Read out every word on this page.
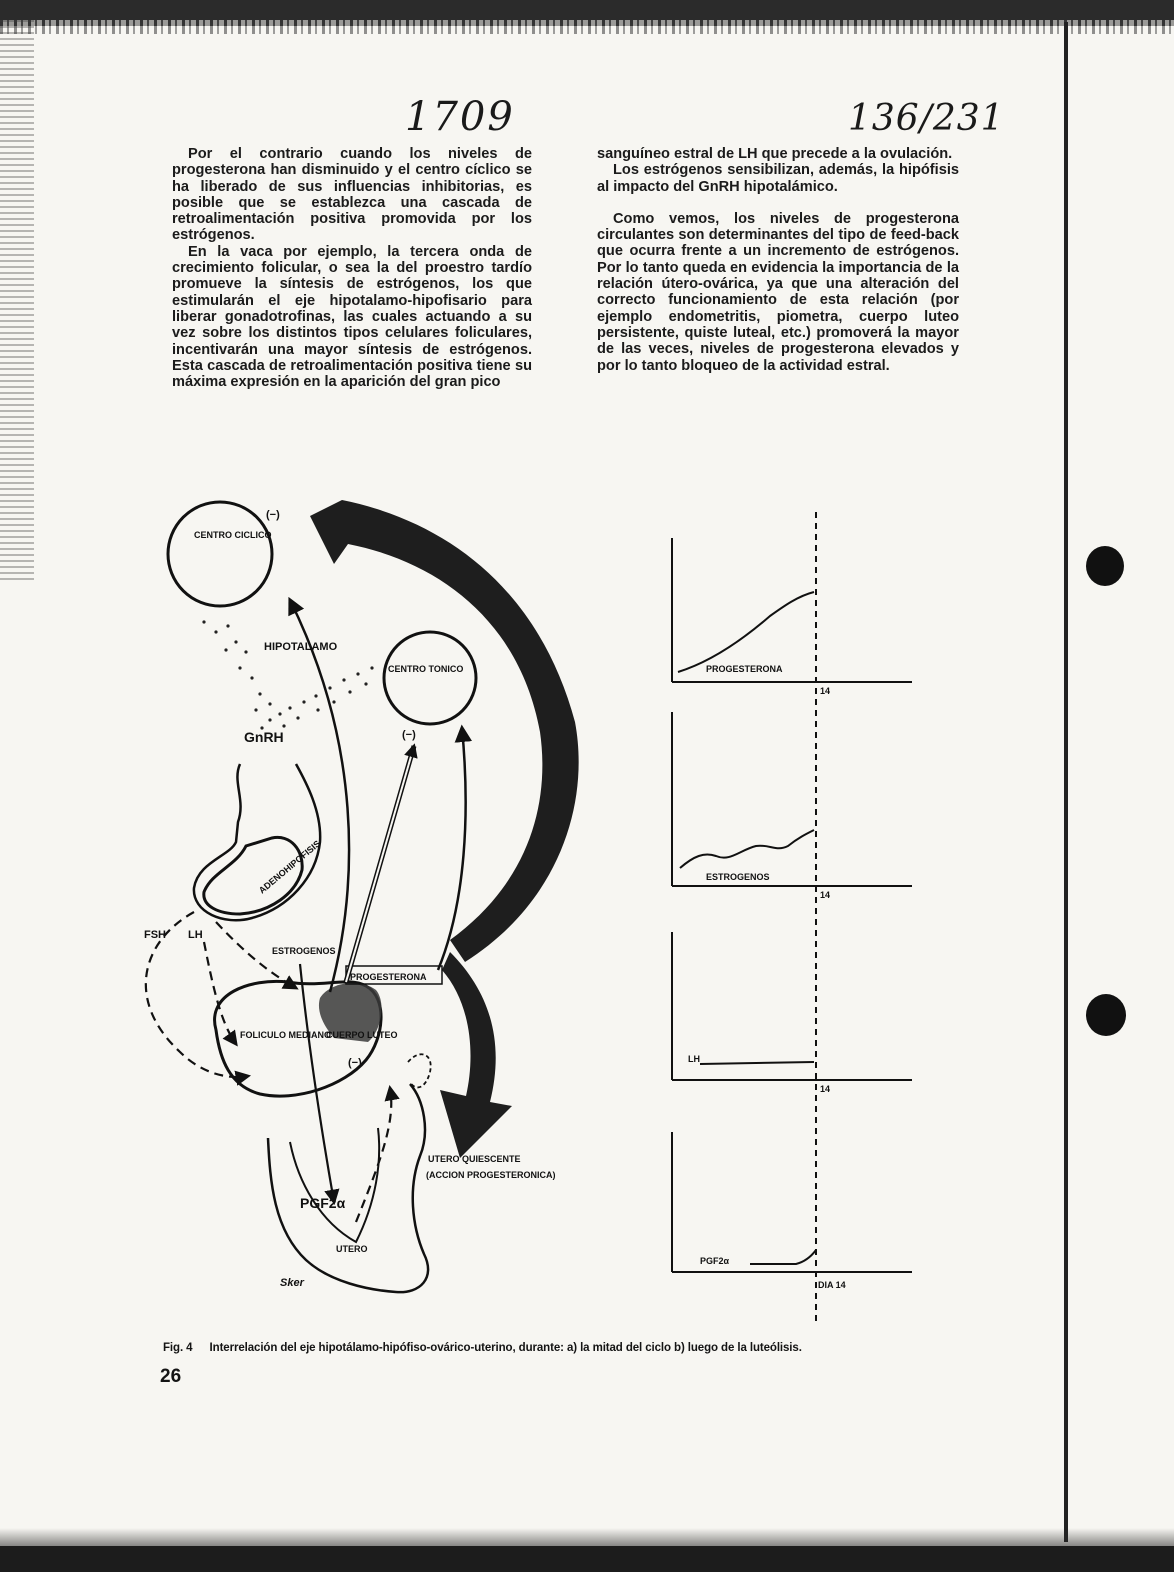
1709	136/231

Por el contrario cuando los niveles de progesterona han disminuido y el centro cíclico se ha liberado de sus influencias inhibitorias, es posible que se establezca una cascada de retroalimentación positiva promovida por los estrógenos.

En la vaca por ejemplo, la tercera onda de crecimiento folicular, o sea la del proestro tardío promueve la síntesis de estrógenos, los que estimularán el eje hipotalamo-hipofisario para liberar gonadotrofinas, las cuales actuando a su vez sobre los distintos tipos celulares foliculares, incentivarán una mayor síntesis de estrógenos. Esta cascada de retroalimentación positiva tiene su máxima expresión en la aparición del gran pico

sanguíneo estral de LH que precede a la ovulación.

Los estrógenos sensibilizan, además, la hipófisis al impacto del GnRH hipotalámico.

Como vemos, los niveles de progesterona circulantes son determinantes del tipo de feed-back que ocurra frente a un incremento de estrógenos. Por lo tanto queda en evidencia la importancia de la relación útero-ovárica, ya que una alteración del correcto funcionamiento de esta relación (por ejemplo endometritis, piometra, cuerpo luteo persistente, quiste luteal, etc.) promoverá la mayor de las veces, niveles de progesterona elevados y por lo tanto bloqueo de la actividad estral.

CENTRO CICLICO
(−)
CENTRO TONICO
(−)
HIPOTALAMO
GnRH
ADENOHIPOFISIS
FSH LH
FOLICULO MEDIANO
CUERPO LUTEO
(−)
ESTROGENOS
PROGESTERONA
PGF2α
UTERO
UTERO QUIESCENTE
(ACCION PROGESTERONICA)
Sker
PROGESTERONA
14
ESTROGENOS
14
LH
14
PGF2α
DIA 14
Fig. 4 Interrelación del eje hipotálamo-hipófiso-ovárico-uterino, durante: a) la mitad del ciclo b) luego de la luteólisis.
26
